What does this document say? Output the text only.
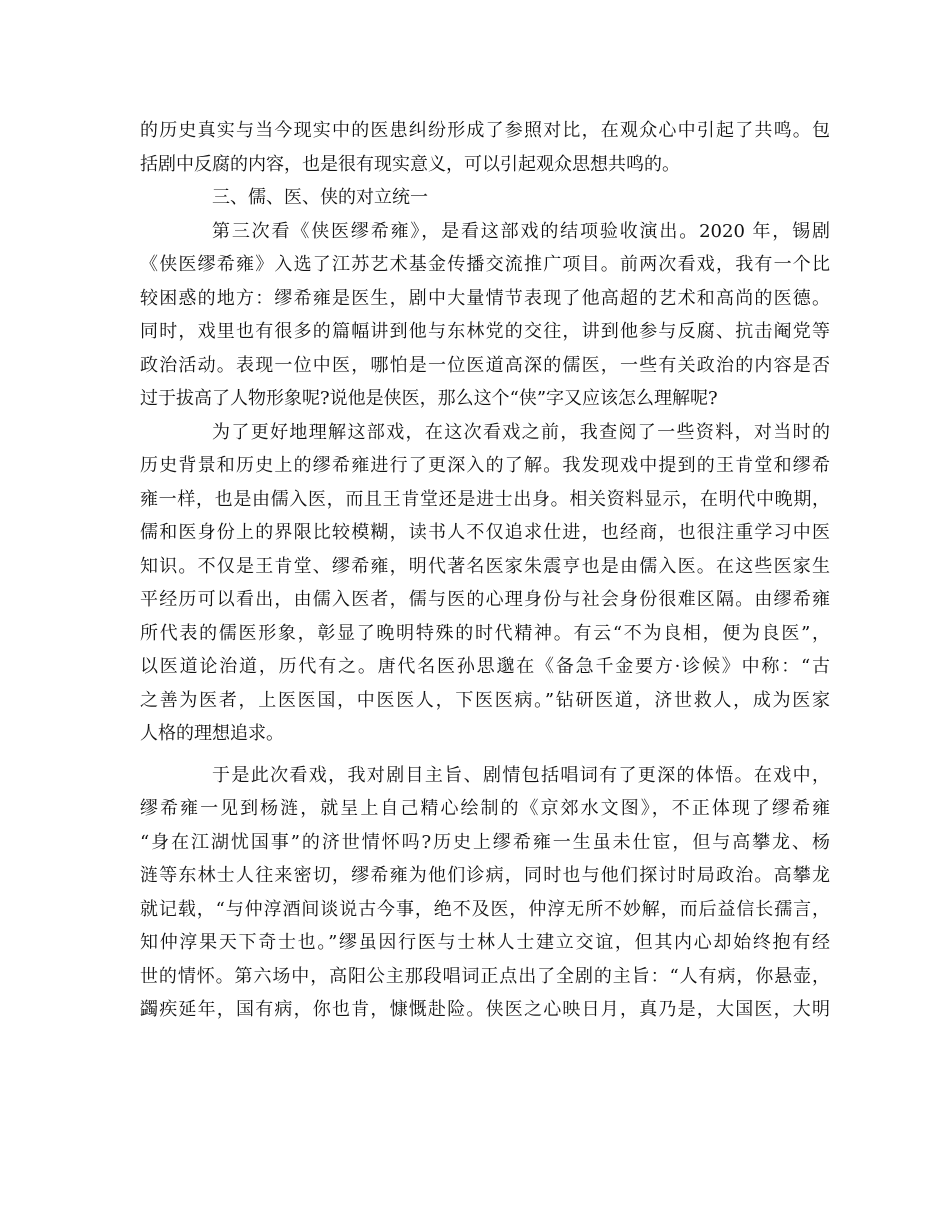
的历史真实与当今现实中的医患纠纷形成了参照对比，在观众心中引起了共鸣。包
括剧中反腐的内容，也是很有现实意义，可以引起观众思想共鸣的。
三、儒、医、侠的对立统一
第三次看《侠医缪希雍》，是看这部戏的结项验收演出。2020 年，锡剧
《侠医缪希雍》入选了江苏艺术基金传播交流推广项目。前两次看戏，我有一个比
较困惑的地方：缪希雍是医生，剧中大量情节表现了他高超的艺术和高尚的医德。
同时，戏里也有很多的篇幅讲到他与东林党的交往，讲到他参与反腐、抗击阉党等
政治活动。表现一位中医，哪怕是一位医道高深的儒医，一些有关政治的内容是否
过于拔高了人物形象呢?说他是侠医，那么这个“侠”字又应该怎么理解呢?
为了更好地理解这部戏，在这次看戏之前，我查阅了一些资料，对当时的
历史背景和历史上的缪希雍进行了更深入的了解。我发现戏中提到的王肯堂和缪希
雍一样，也是由儒入医，而且王肯堂还是进士出身。相关资料显示，在明代中晚期，
儒和医身份上的界限比较模糊，读书人不仅追求仕进，也经商，也很注重学习中医
知识。不仅是王肯堂、缪希雍，明代著名医家朱震亨也是由儒入医。在这些医家生
平经历可以看出，由儒入医者，儒与医的心理身份与社会身份很难区隔。由缪希雍
所代表的儒医形象，彰显了晚明特殊的时代精神。有云“不为良相，便为良医”，
以医道论治道，历代有之。唐代名医孙思邈在《备急千金要方·诊候》中称：“古
之善为医者，上医医国，中医医人，下医医病。”钻研医道，济世救人，成为医家
人格的理想追求。
于是此次看戏，我对剧目主旨、剧情包括唱词有了更深的体悟。在戏中，
缪希雍一见到杨涟，就呈上自己精心绘制的《京郊水文图》，不正体现了缪希雍
“身在江湖忧国事”的济世情怀吗?历史上缪希雍一生虽未仕宦，但与高攀龙、杨
涟等东林士人往来密切，缪希雍为他们诊病，同时也与他们探讨时局政治。高攀龙
就记载，“与仲淳酒间谈说古今事，绝不及医，仲淳无所不妙解，而后益信长孺言，
知仲淳果天下奇士也。”缪虽因行医与士林人士建立交谊，但其内心却始终抱有经
世的情怀。第六场中，高阳公主那段唱词正点出了全剧的主旨：“人有病，你悬壶，
蠲疾延年，国有病，你也肯，慷慨赴险。侠医之心映日月，真乃是，大国医，大明
